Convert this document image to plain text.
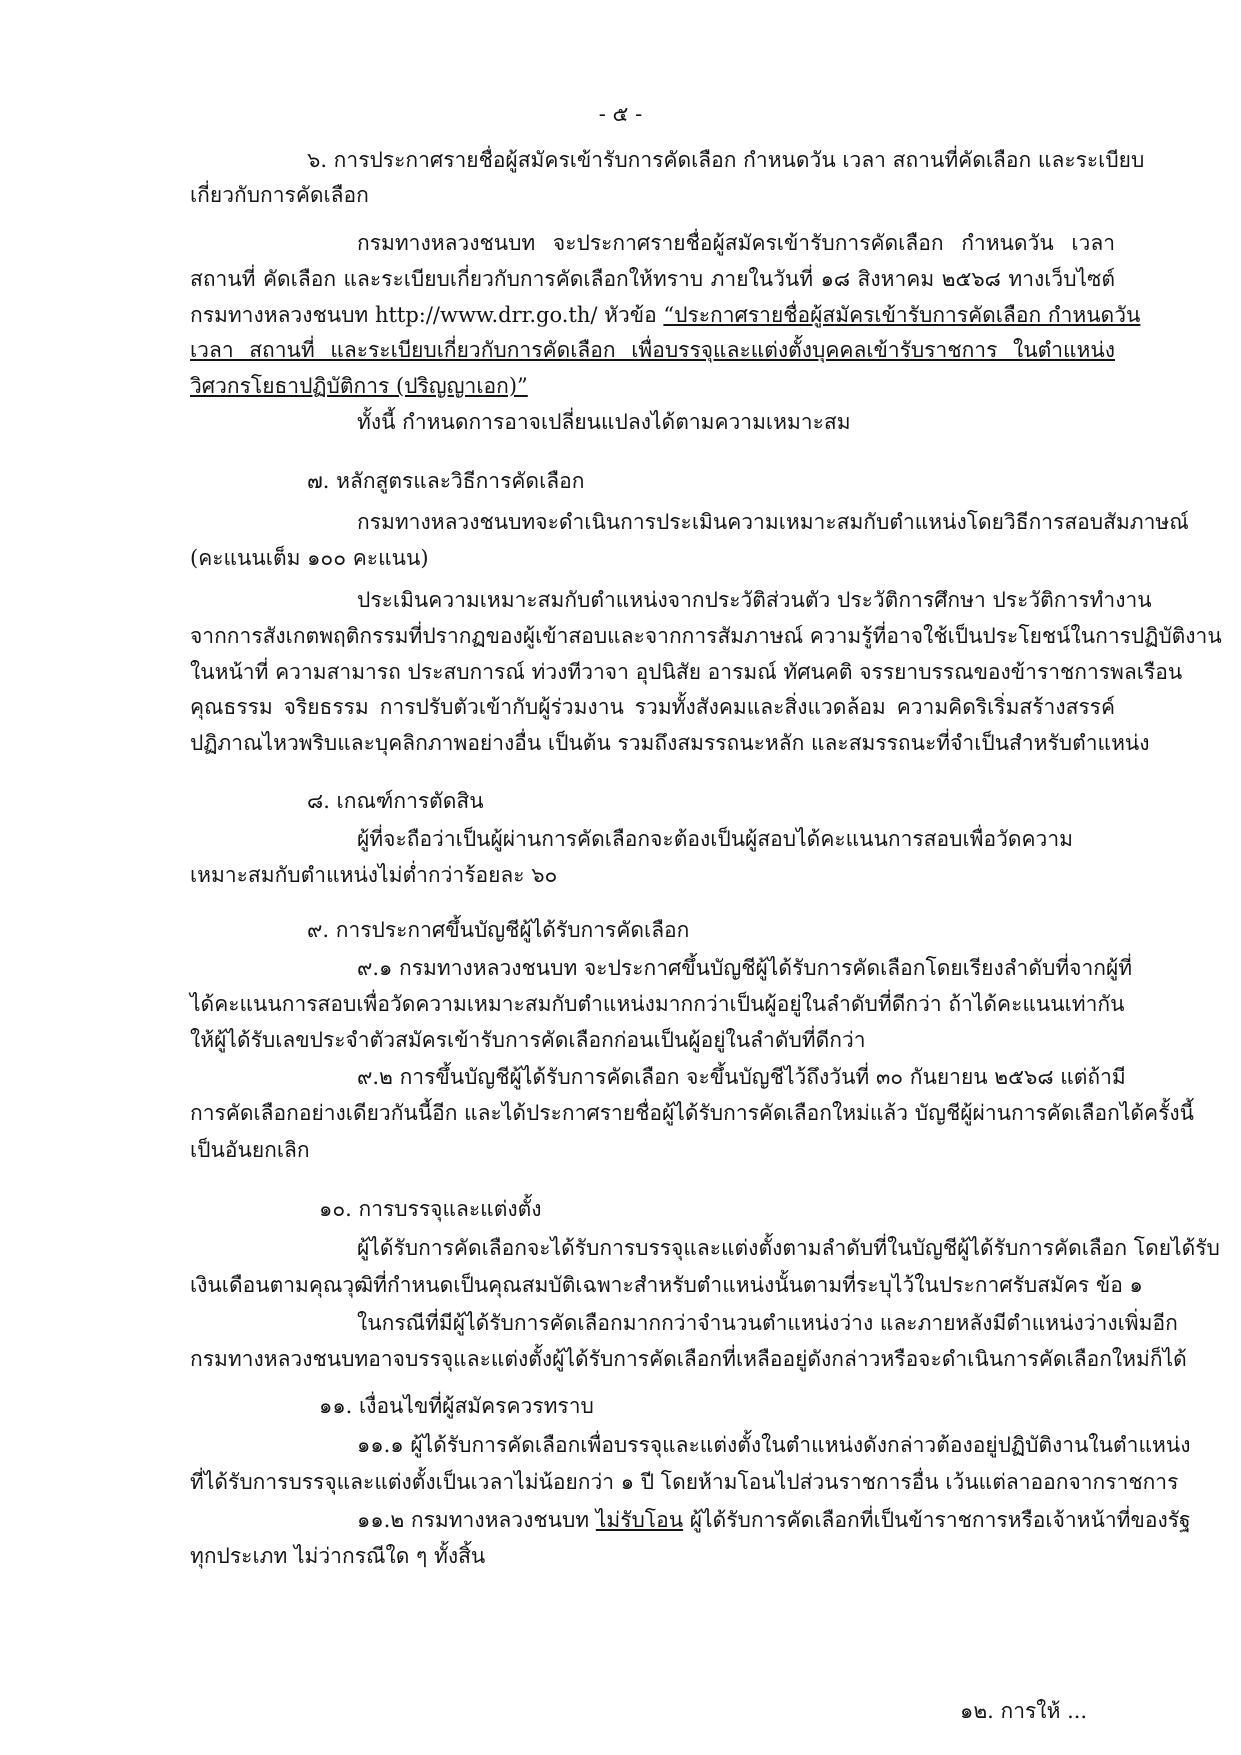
- ๕ -
๖. การประกาศรายชื่อผู้สมัครเข้ารับการคัดเลือก กำหนดวัน เวลา สถานที่คัดเลือก และระเบียบ
เกี่ยวกับการคัดเลือก
กรมทางหลวงชนบท จะประกาศรายชื่อผู้สมัครเข้ารับการคัดเลือก กำหนดวัน เวลา
สถานที่ คัดเลือก และระเบียบเกี่ยวกับการคัดเลือกให้ทราบ ภายในวันที่ ๑๘ สิงหาคม ๒๕๖๘ ทางเว็บไซต์
กรมทางหลวงชนบท http://www.drr.go.th/ หัวข้อ “ประกาศรายชื่อผู้สมัครเข้ารับการคัดเลือก กำหนดวัน
เวลา สถานที่ และระเบียบเกี่ยวกับการคัดเลือก เพื่อบรรจุและแต่งตั้งบุคคลเข้ารับราชการ ในตำแหน่ง
วิศวกรโยธาปฏิบัติการ (ปริญญาเอก)”
ทั้งนี้ กำหนดการอาจเปลี่ยนแปลงได้ตามความเหมาะสม
๗. หลักสูตรและวิธีการคัดเลือก
กรมทางหลวงชนบทจะดำเนินการประเมินความเหมาะสมกับตำแหน่งโดยวิธีการสอบสัมภาษณ์
(คะแนนเต็ม ๑๐๐ คะแนน)
ประเมินความเหมาะสมกับตำแหน่งจากประวัติส่วนตัว ประวัติการศึกษา ประวัติการทำงาน
จากการสังเกตพฤติกรรมที่ปรากฏของผู้เข้าสอบและจากการสัมภาษณ์ ความรู้ที่อาจใช้เป็นประโยชน์ในการปฏิบัติงาน
ในหน้าที่ ความสามารถ ประสบการณ์ ท่วงทีวาจา อุปนิสัย อารมณ์ ทัศนคติ จรรยาบรรณของข้าราชการพลเรือน
คุณธรรม จริยธรรม การปรับตัวเข้ากับผู้ร่วมงาน รวมทั้งสังคมและสิ่งแวดล้อม ความคิดริเริ่มสร้างสรรค์
ปฏิภาณไหวพริบและบุคลิกภาพอย่างอื่น เป็นต้น รวมถึงสมรรถนะหลัก และสมรรถนะที่จำเป็นสำหรับตำแหน่ง
๘. เกณฑ์การตัดสิน
ผู้ที่จะถือว่าเป็นผู้ผ่านการคัดเลือกจะต้องเป็นผู้สอบได้คะแนนการสอบเพื่อวัดความ
เหมาะสมกับตำแหน่งไม่ต่ำกว่าร้อยละ ๖๐
๙. การประกาศขึ้นบัญชีผู้ได้รับการคัดเลือก
๙.๑ กรมทางหลวงชนบท จะประกาศขึ้นบัญชีผู้ได้รับการคัดเลือกโดยเรียงลำดับที่จากผู้ที่
ได้คะแนนการสอบเพื่อวัดความเหมาะสมกับตำแหน่งมากกว่าเป็นผู้อยู่ในลำดับที่ดีกว่า ถ้าได้คะแนนเท่ากัน
ให้ผู้ได้รับเลขประจำตัวสมัครเข้ารับการคัดเลือกก่อนเป็นผู้อยู่ในลำดับที่ดีกว่า
๙.๒ การขึ้นบัญชีผู้ได้รับการคัดเลือก จะขึ้นบัญชีไว้ถึงวันที่ ๓๐ กันยายน ๒๕๖๘ แต่ถ้ามี
การคัดเลือกอย่างเดียวกันนี้อีก และได้ประกาศรายชื่อผู้ได้รับการคัดเลือกใหม่แล้ว บัญชีผู้ผ่านการคัดเลือกได้ครั้งนี้
เป็นอันยกเลิก
๑๐. การบรรจุและแต่งตั้ง
ผู้ได้รับการคัดเลือกจะได้รับการบรรจุและแต่งตั้งตามลำดับที่ในบัญชีผู้ได้รับการคัดเลือก โดยได้รับ
เงินเดือนตามคุณวุฒิที่กำหนดเป็นคุณสมบัติเฉพาะสำหรับตำแหน่งนั้นตามที่ระบุไว้ในประกาศรับสมัคร ข้อ ๑
ในกรณีที่มีผู้ได้รับการคัดเลือกมากกว่าจำนวนตำแหน่งว่าง และภายหลังมีตำแหน่งว่างเพิ่มอีก
กรมทางหลวงชนบทอาจบรรจุและแต่งตั้งผู้ได้รับการคัดเลือกที่เหลืออยู่ดังกล่าวหรือจะดำเนินการคัดเลือกใหม่ก็ได้
๑๑. เงื่อนไขที่ผู้สมัครควรทราบ
๑๑.๑ ผู้ได้รับการคัดเลือกเพื่อบรรจุและแต่งตั้งในตำแหน่งดังกล่าวต้องอยู่ปฏิบัติงานในตำแหน่ง
ที่ได้รับการบรรจุและแต่งตั้งเป็นเวลาไม่น้อยกว่า ๑ ปี โดยห้ามโอนไปส่วนราชการอื่น เว้นแต่ลาออกจากราชการ
๑๑.๒ กรมทางหลวงชนบท ไม่รับโอน ผู้ได้รับการคัดเลือกที่เป็นข้าราชการหรือเจ้าหน้าที่ของรัฐ
ทุกประเภท ไม่ว่ากรณีใด ๆ ทั้งสิ้น
๑๒. การให้ ...
